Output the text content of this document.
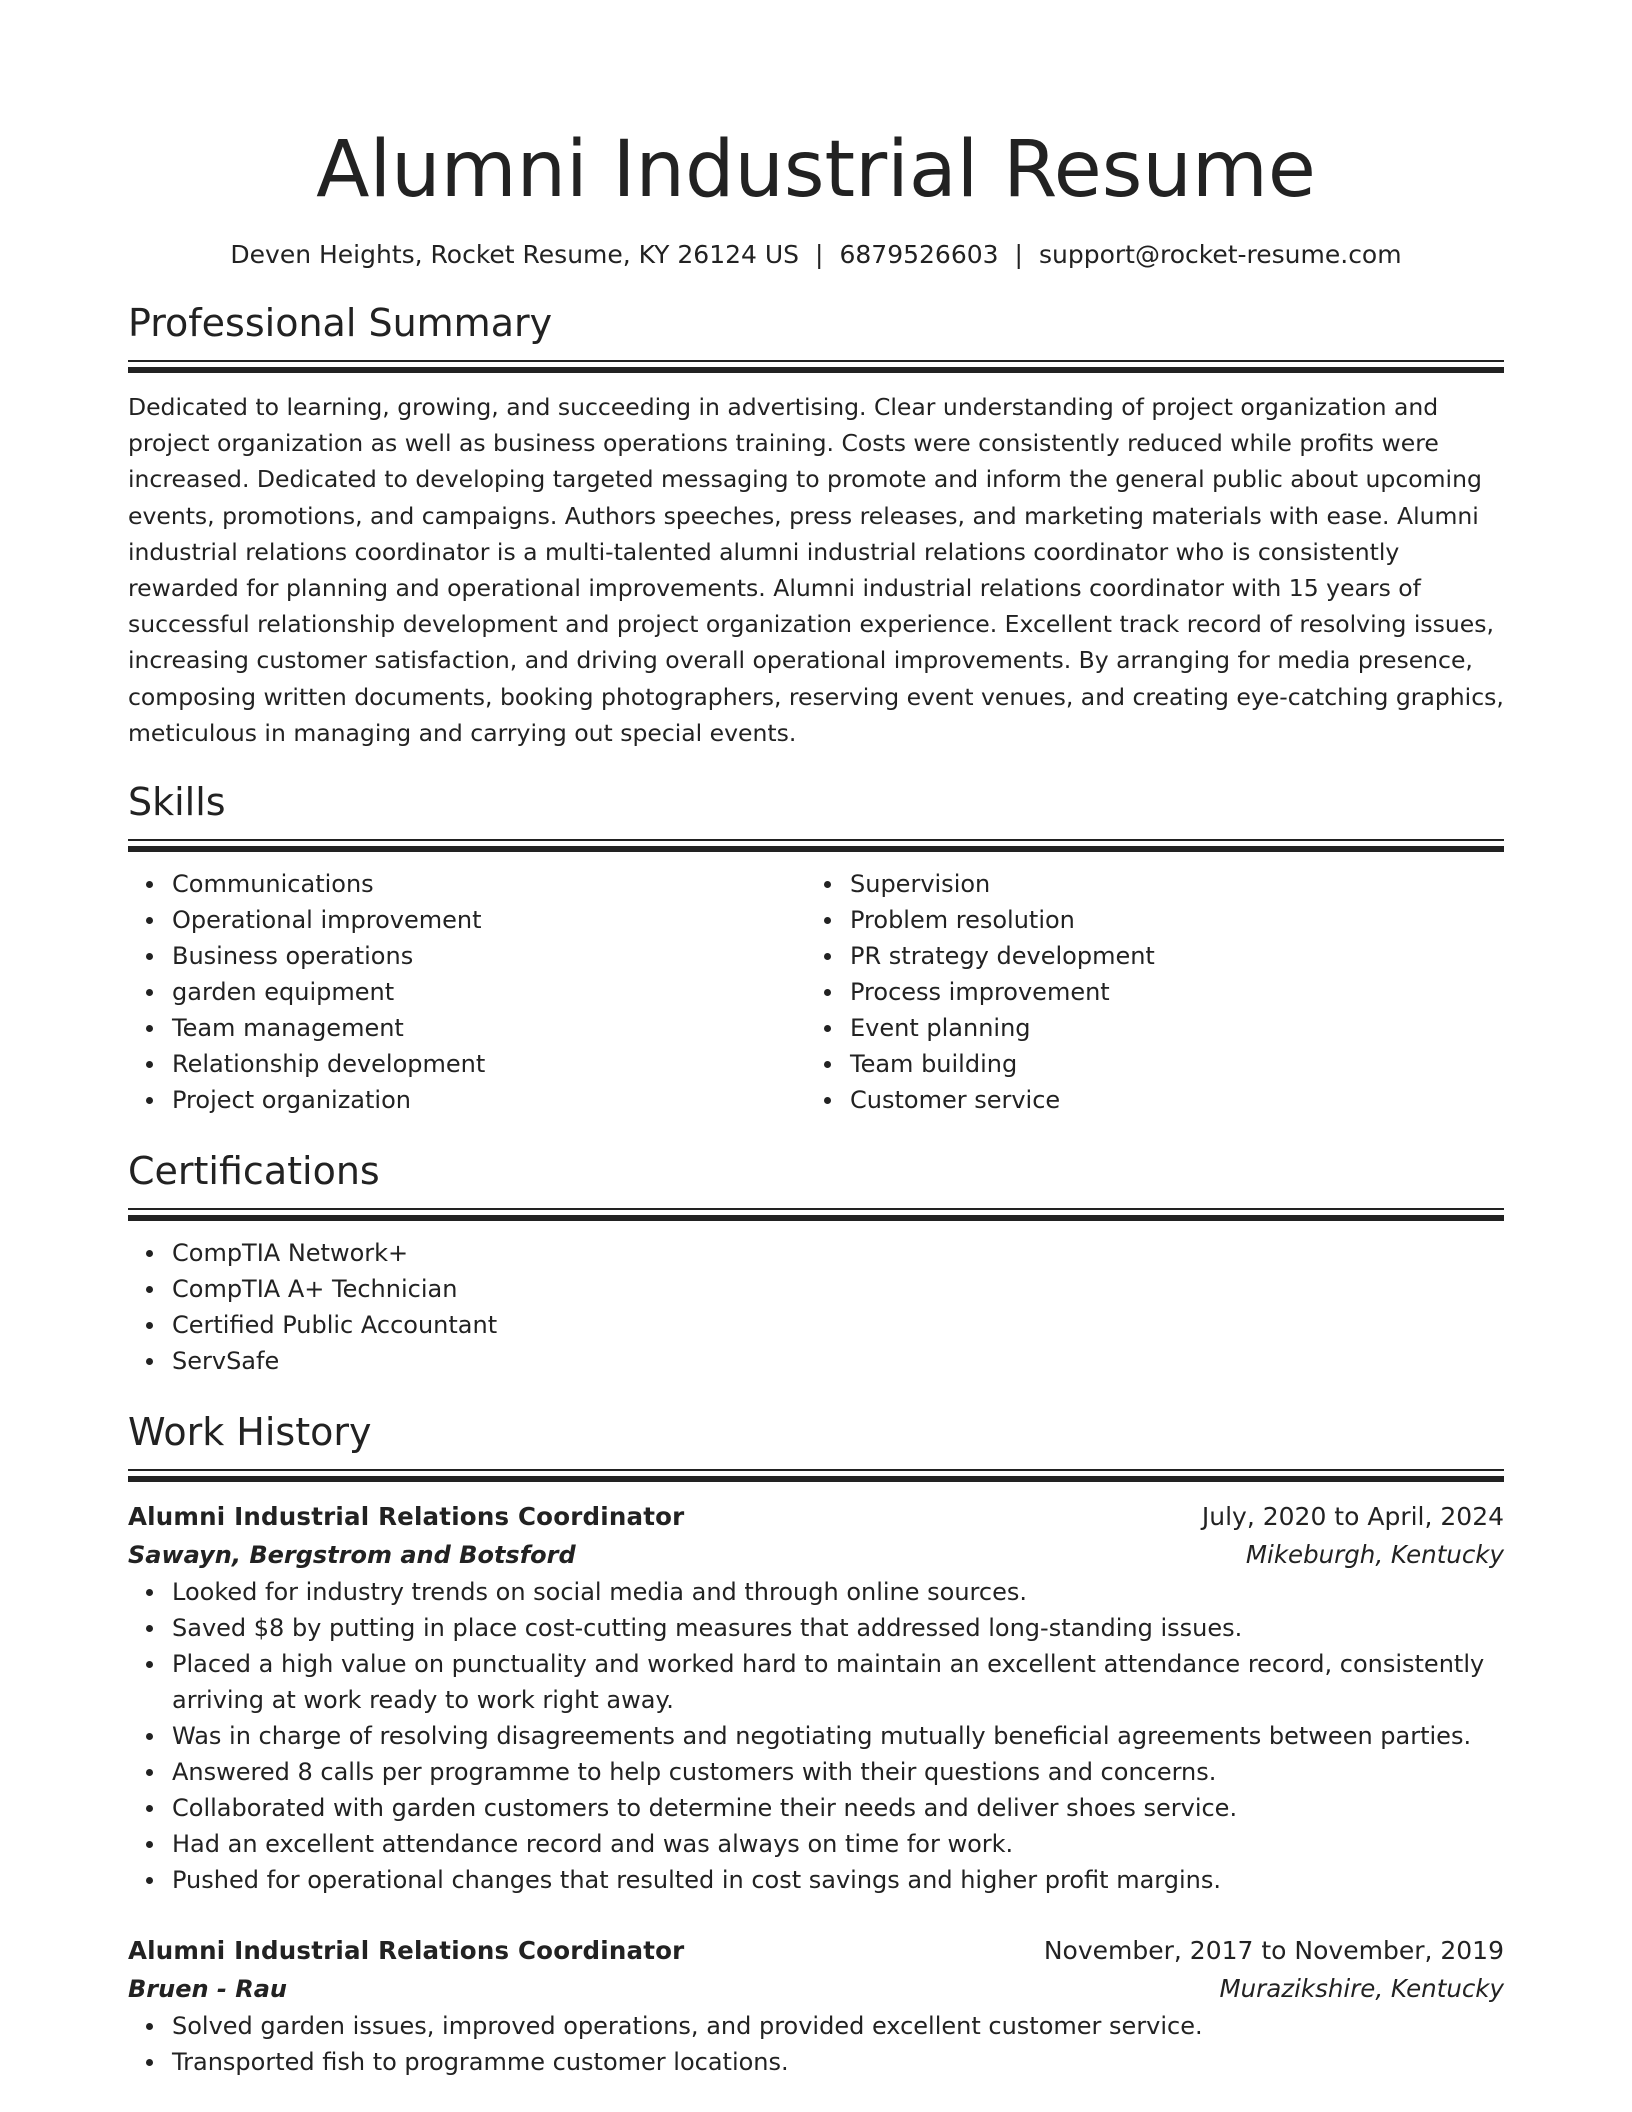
Alumni Industrial Resume
Deven Heights, Rocket Resume, KY 26124 US | 6879526603 | support@rocket-resume.com
Professional Summary

Dedicated to learning, growing, and succeeding in advertising. Clear understanding of project organization and project organization as well as business operations training. Costs were consistently reduced while profits were increased. Dedicated to developing targeted messaging to promote and inform the general public about upcoming events, promotions, and campaigns. Authors speeches, press releases, and marketing materials with ease. Alumni industrial relations coordinator is a multi-talented alumni industrial relations coordinator who is consistently rewarded for planning and operational improvements. Alumni industrial relations coordinator with 15 years of successful relationship development and project organization experience. Excellent track record of resolving issues, increasing customer satisfaction, and driving overall operational improvements. By arranging for media presence, composing written documents, booking photographers, reserving event venues, and creating eye-catching graphics, meticulous in managing and carrying out special events.

Skills
Communications
Operational improvement
Business operations
garden equipment
Team management
Relationship development
Project organization
Supervision
Problem resolution
PR strategy development
Process improvement
Event planning
Team building
Customer service
Certifications
CompTIA Network+
CompTIA A+ Technician
Certified Public Accountant
ServSafe
Work History
Alumni Industrial Relations Coordinator	July, 2020 to April, 2024
Sawayn, Bergstrom and Botsford	Mikeburgh, Kentucky
Looked for industry trends on social media and through online sources.
Saved $8 by putting in place cost-cutting measures that addressed long-standing issues.
Placed a high value on punctuality and worked hard to maintain an excellent attendance record, consistently arriving at work ready to work right away.
Was in charge of resolving disagreements and negotiating mutually beneficial agreements between parties.
Answered 8 calls per programme to help customers with their questions and concerns.
Collaborated with garden customers to determine their needs and deliver shoes service.
Had an excellent attendance record and was always on time for work.
Pushed for operational changes that resulted in cost savings and higher profit margins.
Alumni Industrial Relations Coordinator	November, 2017 to November, 2019
Bruen - Rau	Murazikshire, Kentucky
Solved garden issues, improved operations, and provided excellent customer service.
Transported fish to programme customer locations.
